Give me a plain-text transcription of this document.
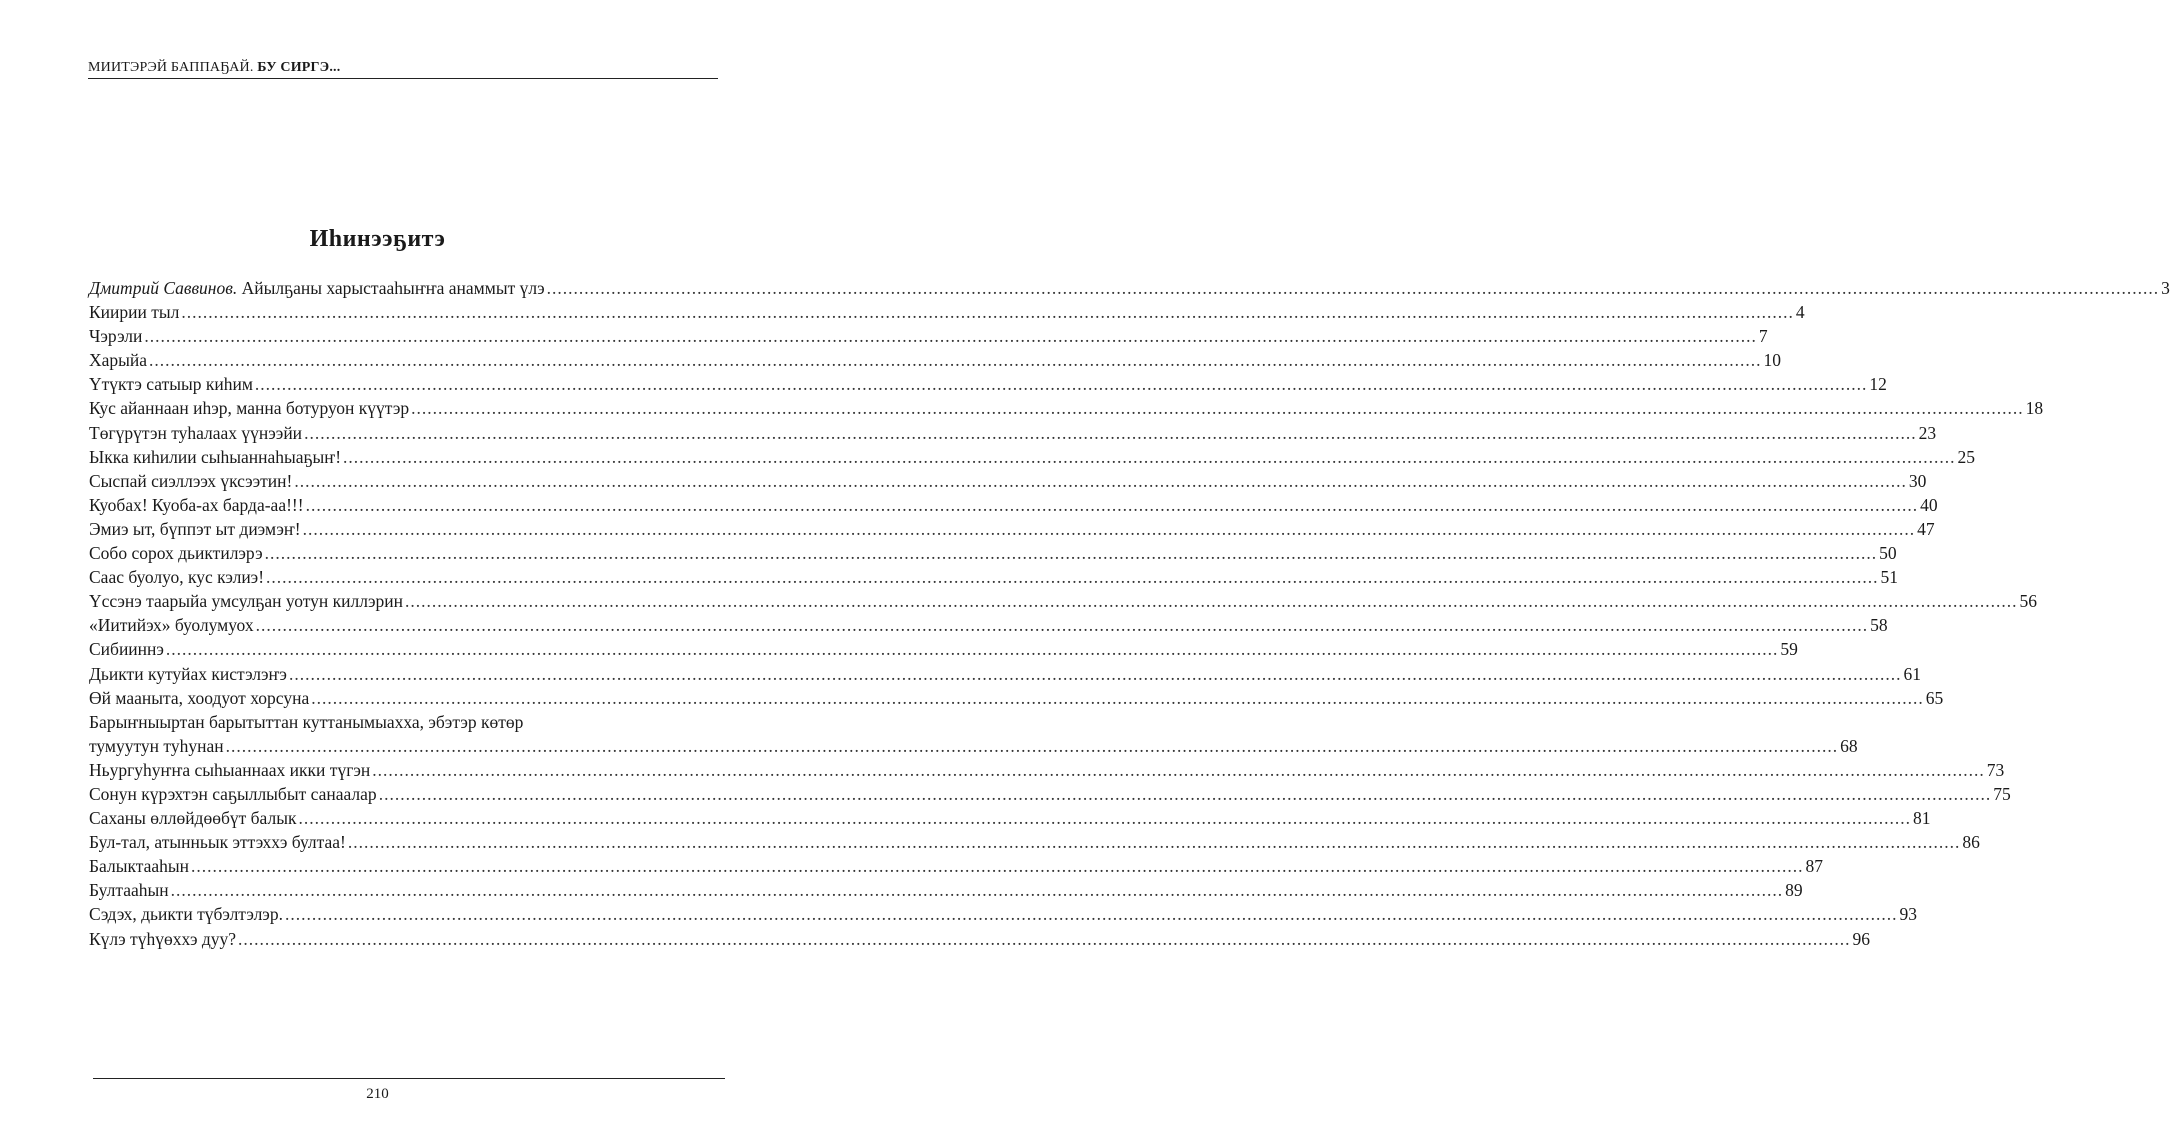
МИИТЭРЭЙ БАППАҔАЙ. БУ СИРГЭ...
Иһинээҕитэ
Дмитрий Саввинов. Айылҕаны харыстааһыҥҥа анаммыт үлэ ............................................................................................................................................................................................................................................................................................................ 3
Киирии тыл ............................................................................................................................................................................................................................................................................................................ 4
Чэрэли ............................................................................................................................................................................................................................................................................................................ 7
Харыйа ............................................................................................................................................................................................................................................................................................................ 10
Үтүктэ сатыыр киһим ............................................................................................................................................................................................................................................................................................................ 12
Кус айаннаан иһэр, манна ботуруон күүтэр ............................................................................................................................................................................................................................................................................................................ 18
Төгүрүтэн туһалаах үүнээйи ............................................................................................................................................................................................................................................................................................................ 23
Ыкка киһилии сыһыаннаһыаҕыҥ! ............................................................................................................................................................................................................................................................................................................ 25
Сыспай сиэллээх үксээтин! ............................................................................................................................................................................................................................................................................................................ 30
Куобах! Куоба-ах барда-аа!!! ............................................................................................................................................................................................................................................................................................................ 40
Эмиэ ыт, бүппэт ыт диэмэҥ! ............................................................................................................................................................................................................................................................................................................ 47
Собо сорох дьиктилэрэ ............................................................................................................................................................................................................................................................................................................ 50
Саас буолуо, кус кэлиэ! ............................................................................................................................................................................................................................................................................................................ 51
Үссэнэ таарыйа умсулҕан уотун киллэрин ............................................................................................................................................................................................................................................................................................................ 56
«Иитийэх» буолумуох ............................................................................................................................................................................................................................................................................................................ 58
Сибииннэ ............................................................................................................................................................................................................................................................................................................ 59
Дьикти кутуйах кистэлэҥэ ............................................................................................................................................................................................................................................................................................................ 61
Өй мааныта, хоодуот хорсуна ............................................................................................................................................................................................................................................................................................................ 65
Барыҥныыртан барытыттан куттанымыахха, эбэтэр көтөр
тумуутун туһунан ............................................................................................................................................................................................................................................................................................................ 68
Ньургуһуҥҥа сыһыаннаах икки түгэн ............................................................................................................................................................................................................................................................................................................ 73
Сонун күрэхтэн саҕыллыбыт санаалар ............................................................................................................................................................................................................................................................................................................ 75
Саханы өллөйдөөбүт балык ............................................................................................................................................................................................................................................................................................................ 81
Бул-тал, атынньык эттэххэ бултаа! ............................................................................................................................................................................................................................................................................................................ 86
Балыктааһын ............................................................................................................................................................................................................................................................................................................ 87
Бултааһын ............................................................................................................................................................................................................................................................................................................ 89
Сэдэх, дьикти түбэлтэлэр. ............................................................................................................................................................................................................................................................................................................ 93
Күлэ түһүөххэ дуу? ............................................................................................................................................................................................................................................................................................................ 96
210
